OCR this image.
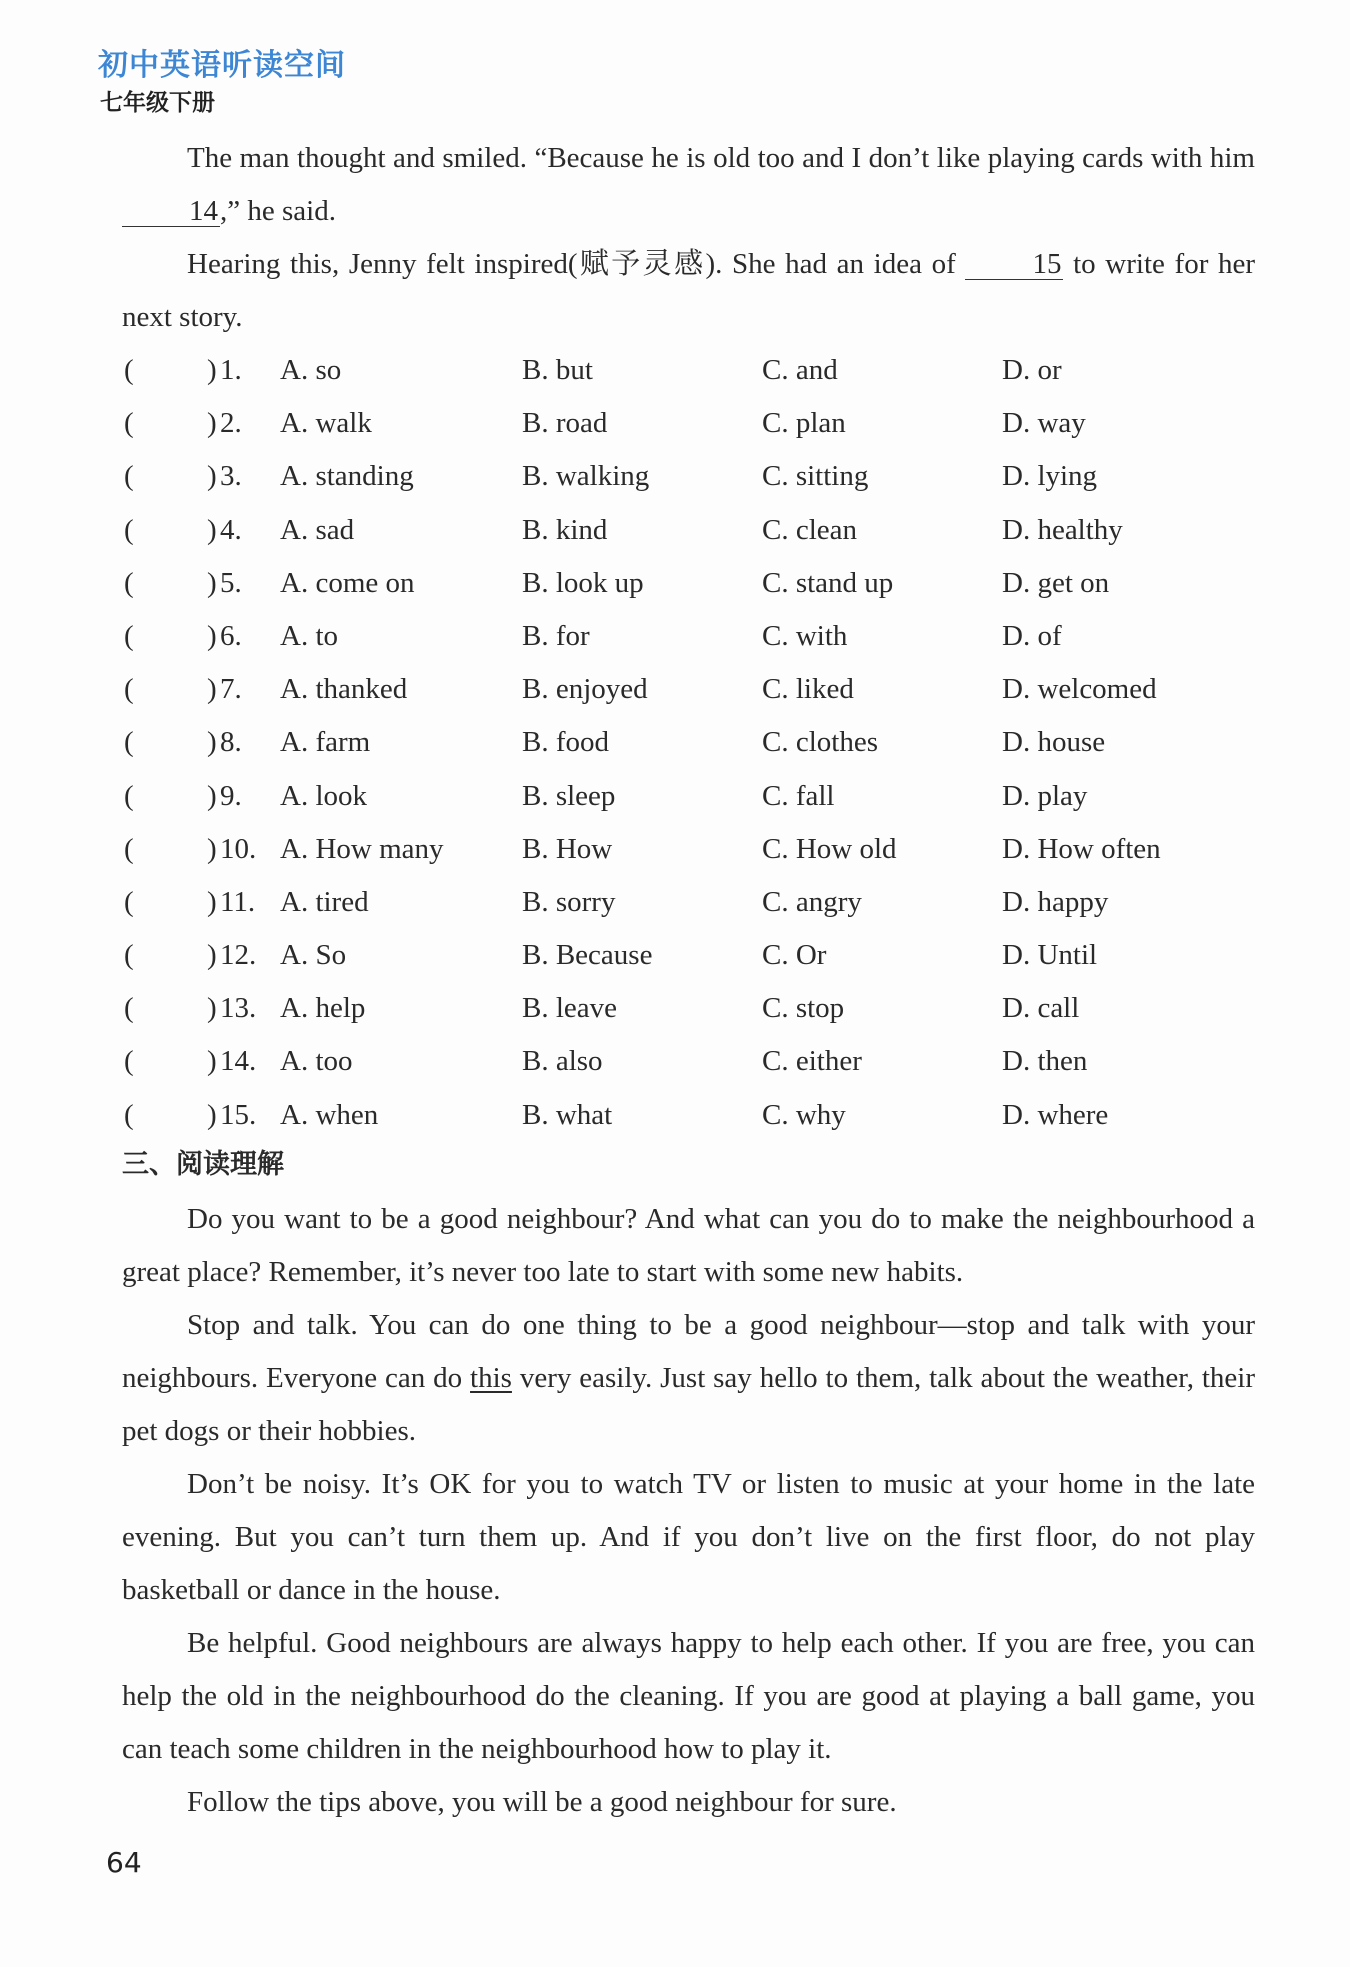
初中英语听读空间
七年级下册

The man thought and smiled. “Because he is old too and I don’t like playing cards with him 14,” he said.

Hearing this, Jenny felt inspired(赋予灵感). She had an idea of	15 to write for her next story.

(	) 1. A. so	B. but	C. and	D. or
(	) 2. A. walk	B. road	C. plan	D. way
(	) 3. A. standing	B. walking	C. sitting	D. lying
(	) 4. A. sad	B. kind	C. clean	D. healthy
(	) 5. A. come on	B. look up	C. stand up	D. get on
(	) 6. A. to	B. for	C. with	D. of
(	) 7. A. thanked	B. enjoyed	C. liked	D. welcomed
(	) 8. A. farm	B. food	C. clothes	D. house
(	) 9. A. look	B. sleep	C. fall	D. play
(	) 10. A. How many	B. How	C. How old	D. How often
(	) 11. A. tired	B. sorry	C. angry	D. happy
(	) 12. A. So	B. Because	C. Or	D. Until
(	) 13. A. help	B. leave	C. stop	D. call
(	) 14. A. too	B. also	C. either	D. then
(	) 15. A. when	B. what	C. why	D. where
三、阅读理解

Do you want to be a good neighbour? And what can you do to make the neighbourhood a great place? Remember, it’s never too late to start with some new habits.

Stop and talk. You can do one thing to be a good neighbour—stop and talk with your neighbours. Everyone can do this very easily. Just say hello to them, talk about the weather, their pet dogs or their hobbies.

Don’t be noisy. It’s OK for you to watch TV or listen to music at your home in the late evening. But you can’t turn them up. And if you don’t live on the first floor, do not play basketball or dance in the house.

Be helpful. Good neighbours are always happy to help each other. If you are free, you can help the old in the neighbourhood do the cleaning. If you are good at playing a ball game, you can teach some children in the neighbourhood how to play it.

Follow the tips above, you will be a good neighbour for sure.

64
